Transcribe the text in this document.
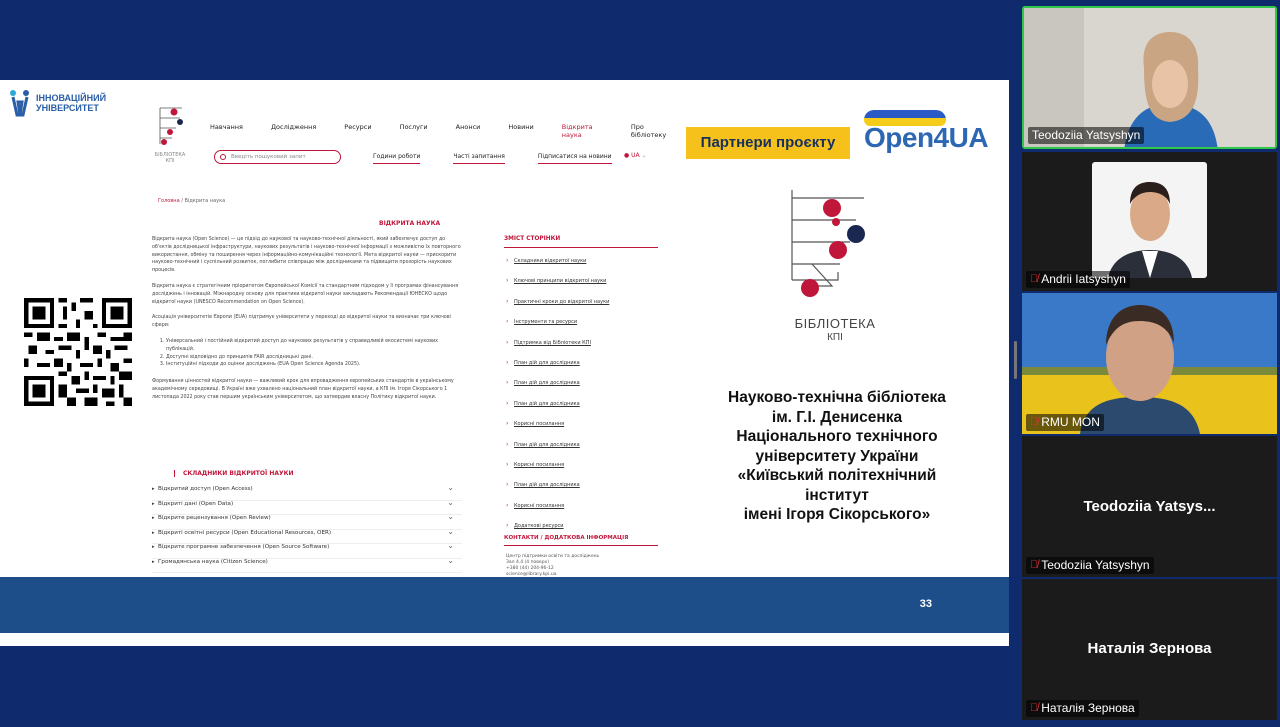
ІННОВАЦІЙНИЙ
УНІВЕРСИТЕТ
БІБЛІОТЕКА КПІ
Навчання	Дослідження	Ресурси	Послуги	Анонси	Новини	Відкрита наука
Про бібліотеку
Введіть пошуковий запит	Години роботи	Часті запитання	Підписатися на новини ● UA ⌄
Головна / Відкрита наука
ВІДКРИТА НАУКА

Відкрита наука (Open Science) — це підхід до наукової та науково-технічної діяльності, який забезпечує доступ до об'єктів дослідницької інфраструктури, наукових результатів і науково-технічної інформації з можливістю їх повторного використання, обміну та поширення через інформаційно-комунікаційні технології. Мета відкритої науки — прискорити науково-технічний і суспільний розвиток, поглибити співпрацю між дослідниками та підвищити прозорість наукових процесів.

Відкрита наука є стратегічним пріоритетом Європейської Комісії та стандартним підходом у її програмах фінансування досліджень і інновацій. Міжнародну основу для практики відкритої науки закладають Рекомендації ЮНЕСКО щодо відкритої науки (UNESCO Recommendation on Open Science).

Асоціація університетів Європи (EUA) підтримує університети у переході до відкритої науки та визначає три ключові сфери:

1. Універсальний і постійний відкритий доступ до наукових результатів у справедливій екосистемі наукових публікацій.
2. Доступні відповідно до принципів FAIR дослідницькі дані.
3. Інституційні підходи до оцінки досліджень (EUA Open Science Agenda 2025).

Формування цінностей відкритої науки — важливий крок для впровадження європейських стандартів в українському академічному середовищі. В Україні вже ухвалено національний план відкритої науки, а КПІ ім. Ігоря Сікорського 1 листопада 2022 року став першим українським університетом, що затвердив власну Політику відкритої науки.

СКЛАДНИКИ ВІДКРИТОЇ НАУКИ
▸ Відкритий доступ (Open Access) ⌄
▸ Відкриті дані (Open Data) ⌄
▸ Відкрите рецензування (Open Review) ⌄
▸ Відкриті освітні ресурси (Open Educational Resources, OER) ⌄
▸ Відкрите програмне забезпечення (Open Source Software) ⌄
▸ Громадянська наука (Citizen Science) ⌄
ЗМІСТ СТОРІНКИ
› Складники відкритої науки
› Ключові принципи відкритої науки
› Практичні кроки до відкритої науки
› Інструменти та ресурси
› Підтримка від Бібліотеки КПІ
› План дій для дослідника
› План дій для дослідника
› План дій для дослідника
› Корисні посилання
› План дій для дослідника
› Корисні посилання
› План дій для дослідника
› Корисні посилання
› Додаткові ресурси
КОНТАКТИ / ДОДАТКОВА ІНФОРМАЦІЯ
Центр підтримки освіти та досліджень
Зал 4.4 (4 поверх)
+380 (44) 204-96-12
science@library.kpi.ua
Партнери проєкту	Open4UA
БІБЛІОТЕКА
КПІ
Науково-технічна бібліотека
ім. Г.І. Денисенка
Національного технічного
університету України
«Київський політехнічний
інститут
імені Ігоря Сікорського»
33
Teodoziia Yatsyshyn
🎙̸ Andrii Iatsyshyn
🎙̸ RMU MON
Teodoziia Yatsys...
🎙̸ Teodoziia Yatsyshyn
Наталія Зернова
🎙̸ Наталія Зернова
